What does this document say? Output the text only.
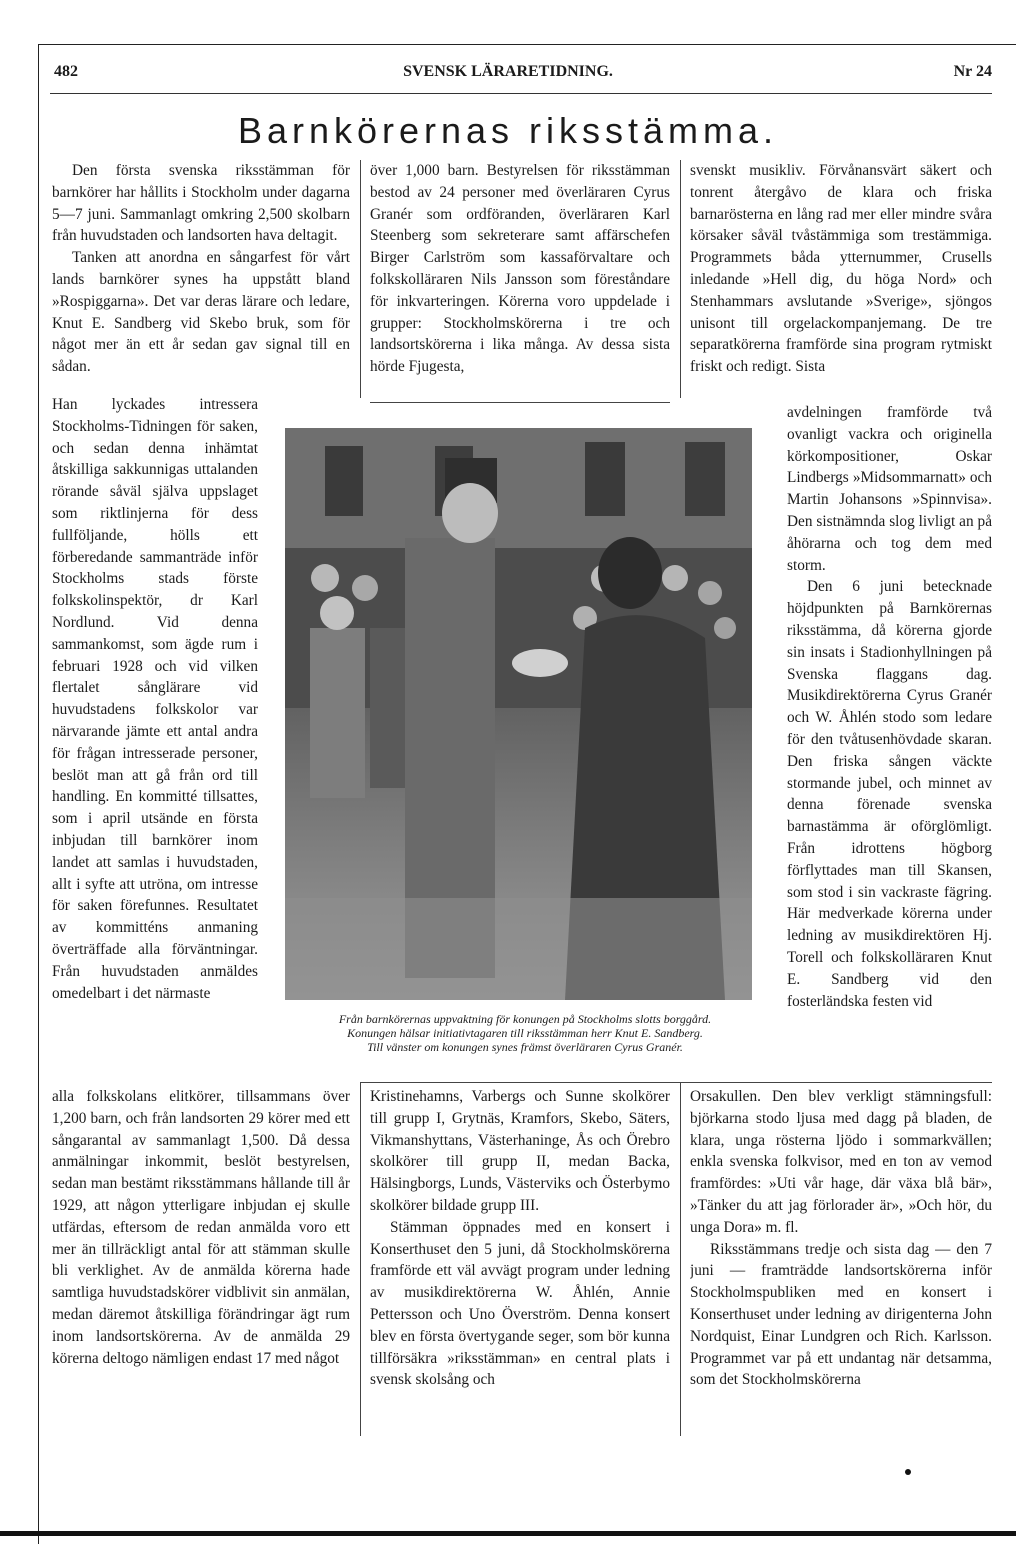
SVENSK LÄRARETIDNING.
482	Nr 24
Barnkörernas riksstämma.

Den första svenska riksstämman för barnkörer har hållits i Stockholm under dagarna 5—7 juni. Sammanlagt omkring 2,500 skolbarn från huvudstaden och landsorten hava deltagit.

Tanken att anordna en sångarfest för vårt lands barnkörer synes ha uppstått bland »Rospiggarna». Det var deras lärare och ledare, Knut E. Sandberg vid Skebo bruk, som för något mer än ett år sedan gav signal till en sådan.

Han lyckades intressera Stockholms-Tidningen för saken, och sedan denna inhämtat åtskilliga sakkunnigas uttalanden rörande såväl själva uppslaget som riktlinjerna för dess fullföljande, hölls ett förberedande sammanträde inför Stockholms stads förste folkskolinspektör, dr Karl Nordlund. Vid denna sammankomst, som ägde rum i februari 1928 och vid vilken flertalet sånglärare vid huvudstadens folkskolor var närvarande jämte ett antal andra för frågan intresserade personer, beslöt man att gå från ord till handling. En kommitté tillsattes, som i april utsände en första inbjudan till barnkörer inom landet att samlas i huvudstaden, allt i syfte att utröna, om intresse för saken förefunnes. Resultatet av kommitténs anmaning överträffade alla förväntningar. Från huvudstaden anmäldes omedelbart i det närmaste

alla folkskolans elitkörer, tillsammans över 1,200 barn, och från landsorten 29 körer med ett sångarantal av sammanlagt 1,500. Då dessa anmälningar inkommit, beslöt bestyrelsen, sedan man bestämt riksstämmans hållande till år 1929, att någon ytterligare inbjudan ej skulle utfärdas, eftersom de redan anmälda voro ett mer än tillräckligt antal för att stämman skulle bli verklighet. Av de anmälda körerna hade samtliga huvudstadskörer vidblivit sin anmälan, medan däremot åtskilliga förändringar ägt rum inom landsortskörerna. Av de anmälda 29 körerna deltogo nämligen endast 17 med något

över 1,000 barn. Bestyrelsen för riksstämman bestod av 24 personer med överläraren Cyrus Granér som ordföranden, överläraren Karl Steenberg som sekreterare samt affärschefen Birger Carlström som kassaförvaltare och folkskolläraren Nils Jansson som föreståndare för inkvarteringen. Körerna voro uppdelade i grupper: Stockholmskörerna i tre och landsortskörerna i lika många. Av dessa sista hörde Fjugesta,

Kristinehamns, Varbergs och Sunne skolkörer till grupp I, Grytnäs, Kramfors, Skebo, Säters, Vikmanshyttans, Västerhaninge, Ås och Örebro skolkörer till grupp II, medan Backa, Hälsingborgs, Lunds, Västerviks och Österbymo skolkörer bildade grupp III.

Stämman öppnades med en konsert i Konserthuset den 5 juni, då Stockholmskörerna framförde ett väl avvägt program under ledning av musikdirektörerna W. Åhlén, Annie Pettersson och Uno Överström. Denna konsert blev en första övertygande seger, som bör kunna tillförsäkra »riksstämman» en central plats i svensk skolsång och

svenskt musikliv. Förvånansvärt säkert och tonrent återgåvo de klara och friska barnarösterna en lång rad mer eller mindre svåra körsaker såväl tvåstämmiga som trestämmiga. Programmets båda ytternummer, Crusells inledande »Hell dig, du höga Nord» och Stenhammars avslutande »Sverige», sjöngos unisont till orgelackompanjemang. De tre separatkörerna framförde sina program rytmiskt friskt och redigt. Sista

avdelningen framförde två ovanligt vackra och originella körkompositioner, Oskar Lindbergs »Midsommarnatt» och Martin Johansons »Spinnvisa». Den sistnämnda slog livligt an på åhörarna och tog dem med storm.

Den 6 juni betecknade höjdpunkten på Barnkörernas riksstämma, då körerna gjorde sin insats i Stadionhyllningen på Svenska flaggans dag. Musikdirektörerna Cyrus Granér och W. Åhlén stodo som ledare för den tvåtusenhövdade skaran. Den friska sången väckte stormande jubel, och minnet av denna förenade svenska barnastämma är oförglömligt. Från idrottens högborg förflyttades man till Skansen, som stod i sin vackraste fägring. Här medverkade körerna under ledning av musikdirektören Hj. Torell och folkskolläraren Knut E. Sandberg vid den fosterländska festen vid

Orsakullen. Den blev verkligt stämningsfull: björkarna stodo ljusa med dagg på bladen, de klara, unga rösterna ljödo i sommarkvällen; enkla svenska folkvisor, med en ton av vemod framfördes: »Uti vår hage, där växa blå bär», »Tänker du att jag förlorader är», »Och hör, du unga Dora» m. fl.

Riksstämmans tredje och sista dag — den 7 juni — framträdde landsortskörerna inför Stockholmspubliken med en konsert i Konserthuset under ledning av dirigenterna John Nordquist, Einar Lundgren och Rich. Karlsson. Programmet var på ett undantag när detsamma, som det Stockholmskörerna

Från barnkörernas uppvaktning för konungen på Stockholms slotts borggård.
Konungen hälsar initiativtagaren till riksstämman herr Knut E. Sandberg.
Till vänster om konungen synes främst överläraren Cyrus Granér.
